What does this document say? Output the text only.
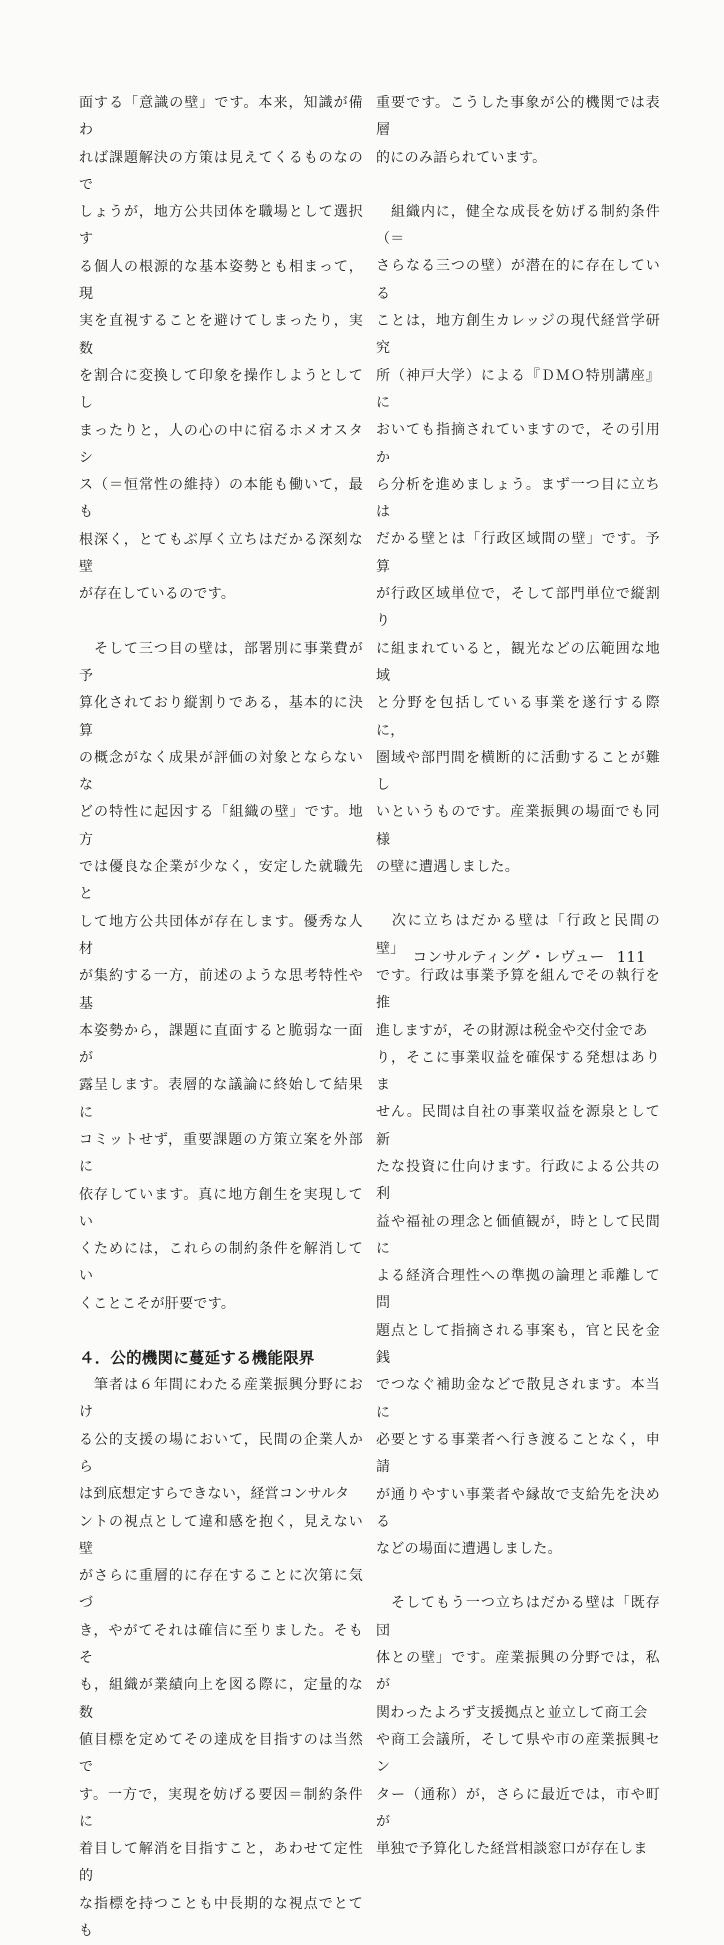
面する「意識の壁」です。本来，知識が備わ
れば課題解決の方策は見えてくるものなので
しょうが，地方公共団体を職場として選択す
る個人の根源的な基本姿勢とも相まって，現
実を直視することを避けてしまったり，実数
を割合に変換して印象を操作しようとしてし
まったりと，人の心の中に宿るホメオスタシ
ス（＝恒常性の維持）の本能も働いて，最も
根深く，とてもぶ厚く立ちはだかる深刻な壁
が存在しているのです。

　そして三つ目の壁は，部署別に事業費が予
算化されており縦割りである，基本的に決算
の概念がなく成果が評価の対象とならないな
どの特性に起因する「組織の壁」です。地方
では優良な企業が少なく，安定した就職先と
して地方公共団体が存在します。優秀な人材
が集約する一方，前述のような思考特性や基
本姿勢から，課題に直面すると脆弱な一面が
露呈します。表層的な議論に終始して結果に
コミットせず，重要課題の方策立案を外部に
依存しています。真に地方創生を実現してい
くためには，これらの制約条件を解消してい
くことこそが肝要です。

４．公的機関に蔓延する機能限界

　筆者は６年間にわたる産業振興分野におけ
る公的支援の場において，民間の企業人から
は到底想定すらできない，経営コンサルタ
ントの視点として違和感を抱く，見えない壁
がさらに重層的に存在することに次第に気づ
き，やがてそれは確信に至りました。そもそ
も，組織が業績向上を図る際に，定量的な数
値目標を定めてその達成を目指すのは当然で
す。一方で，実現を妨げる要因＝制約条件に
着目して解消を目指すこと，あわせて定性的
な指標を持つことも中長期的な視点でとても

重要です。こうした事象が公的機関では表層
的にのみ語られています。

　組織内に，健全な成長を妨げる制約条件（＝
さらなる三つの壁）が潜在的に存在している
ことは，地方創生カレッジの現代経営学研究
所（神戸大学）による『ＤＭＯ特別講座』に
おいても指摘されていますので，その引用か
ら分析を進めましょう。まず一つ目に立ちは
だかる壁とは「行政区域間の壁」です。予算
が行政区域単位で，そして部門単位で縦割り
に組まれていると，観光などの広範囲な地域
と分野を包括している事業を遂行する際に，
圏域や部門間を横断的に活動することが難し
いというものです。産業振興の場面でも同様
の壁に遭遇しました。

　次に立ちはだかる壁は「行政と民間の壁」
です。行政は事業予算を組んでその執行を推
進しますが，その財源は税金や交付金であ
り，そこに事業収益を確保する発想はありま
せん。民間は自社の事業収益を源泉として新
たな投資に仕向けます。行政による公共の利
益や福祉の理念と価値観が，時として民間に
よる経済合理性への準拠の論理と乖離して問
題点として指摘される事案も，官と民を金銭
でつなぐ補助金などで散見されます。本当に
必要とする事業者へ行き渡ることなく，申請
が通りやすい事業者や縁故で支給先を決める
などの場面に遭遇しました。

　そしてもう一つ立ちはだかる壁は「既存団
体との壁」です。産業振興の分野では，私が
関わったよろず支援拠点と並立して商工会
や商工会議所，そして県や市の産業振興セン
ター（通称）が，さらに最近では，市や町が
単独で予算化した経営相談窓口が存在しま

コンサルティング・レヴュー 111
